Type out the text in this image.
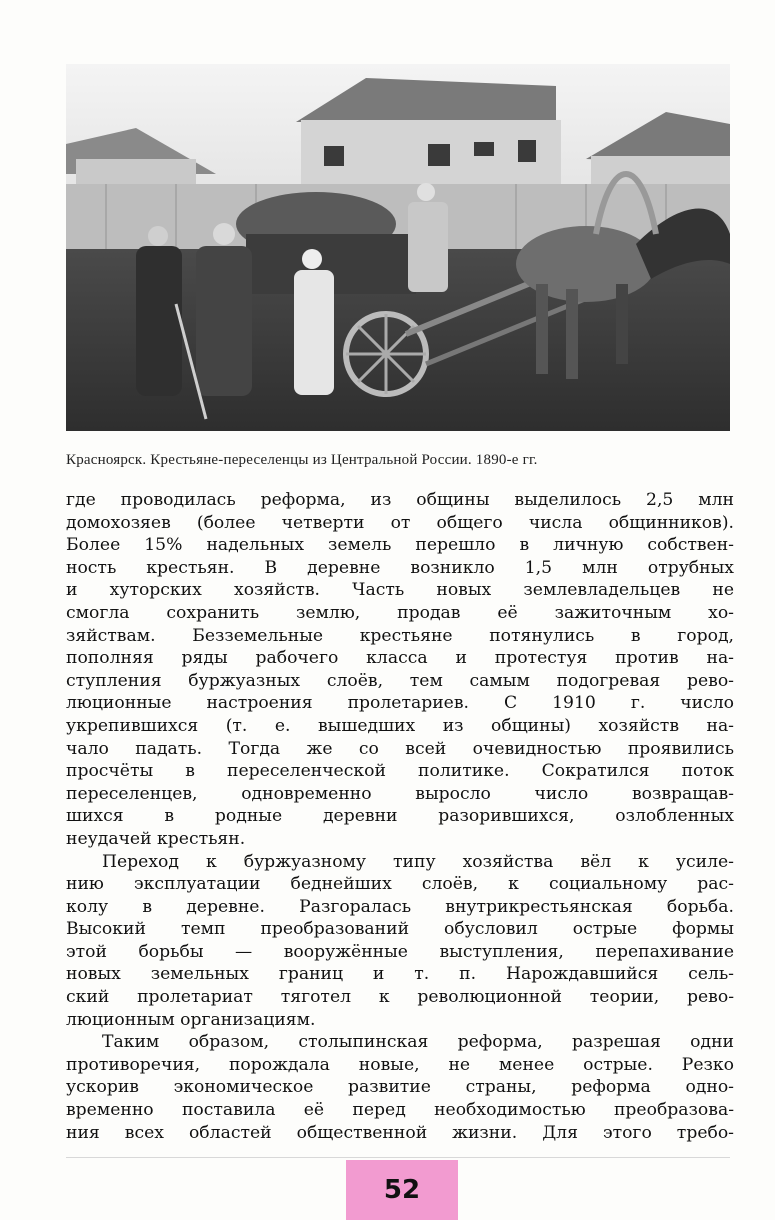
Красноярск. Крестьяне-переселенцы из Центральной России. 1890-е гг.
где проводилась реформа, из общины выделилось 2,5 млн
домохозяев (более четверти от общего числа общинников).
Более 15% надельных земель перешло в личную собствен-
ность крестьян. В деревне возникло 1,5 млн отрубных
и хуторских хозяйств. Часть новых землевладельцев не
смогла сохранить землю, продав её зажиточным хо-
зяйствам. Безземельные крестьяне потянулись в город,
пополняя ряды рабочего класса и протестуя против на-
ступления буржуазных слоёв, тем самым подогревая рево-
люционные настроения пролетариев. С 1910 г. число
укрепившихся (т. е. вышедших из общины) хозяйств на-
чало падать. Тогда же со всей очевидностью проявились
просчёты в переселенческой политике. Сократился поток
переселенцев, одновременно выросло число возвращав-
шихся в родные деревни разорившихся, озлобленных
неудачей крестьян.
Переход к буржуазному типу хозяйства вёл к усиле-
нию эксплуатации беднейших слоёв, к социальному рас-
колу в деревне. Разгоралась внутрикрестьянская борьба.
Высокий темп преобразований обусловил острые формы
этой борьбы — вооружённые выступления, перепахивание
новых земельных границ и т. п. Нарождавшийся сель-
ский пролетариат тяготел к революционной теории, рево-
люционным организациям.
Таким образом, столыпинская реформа, разрешая одни
противоречия, порождала новые, не менее острые. Резко
ускорив экономическое развитие страны, реформа одно-
временно поставила её перед необходимостью преобразова-
ния всех областей общественной жизни. Для этого требо-
52
